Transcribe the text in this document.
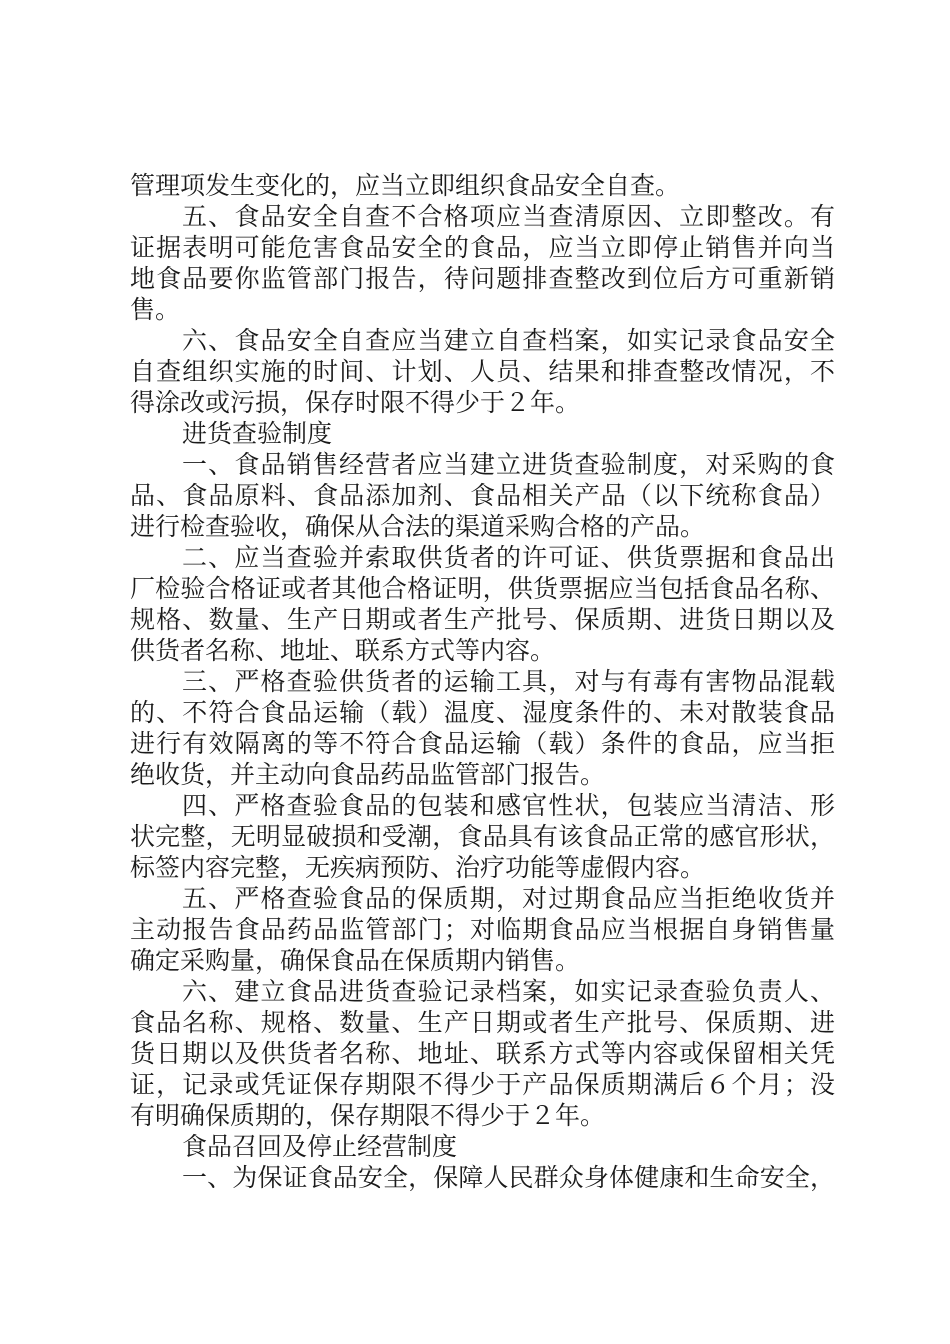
管理项发生变化的，应当立即组织食品安全自查。
五、食品安全自查不合格项应当查清原因、立即整改。有
证据表明可能危害食品安全的食品，应当立即停止销售并向当
地食品要你监管部门报告，待问题排查整改到位后方可重新销
售。
六、食品安全自查应当建立自查档案，如实记录食品安全
自查组织实施的时间、计划、人员、结果和排查整改情况，不
得涂改或污损，保存时限不得少于２年。
进货查验制度
一、食品销售经营者应当建立进货查验制度，对采购的食
品、食品原料、食品添加剂、食品相关产品（以下统称食品）
进行检查验收，确保从合法的渠道采购合格的产品。
二、应当查验并索取供货者的许可证、供货票据和食品出
厂检验合格证或者其他合格证明，供货票据应当包括食品名称、
规格、数量、生产日期或者生产批号、保质期、进货日期以及
供货者名称、地址、联系方式等内容。
三、严格查验供货者的运输工具，对与有毒有害物品混载
的、不符合食品运输（载）温度、湿度条件的、未对散装食品
进行有效隔离的等不符合食品运输（载）条件的食品，应当拒
绝收货，并主动向食品药品监管部门报告。
四、严格查验食品的包装和感官性状，包装应当清洁、形
状完整，无明显破损和受潮，食品具有该食品正常的感官形状，
标签内容完整，无疾病预防、治疗功能等虚假内容。
五、严格查验食品的保质期，对过期食品应当拒绝收货并
主动报告食品药品监管部门；对临期食品应当根据自身销售量
确定采购量，确保食品在保质期内销售。
六、建立食品进货查验记录档案，如实记录查验负责人、
食品名称、规格、数量、生产日期或者生产批号、保质期、进
货日期以及供货者名称、地址、联系方式等内容或保留相关凭
证，记录或凭证保存期限不得少于产品保质期满后６个月；没
有明确保质期的，保存期限不得少于２年。
食品召回及停止经营制度
一、为保证食品安全，保障人民群众身体健康和生命安全，
